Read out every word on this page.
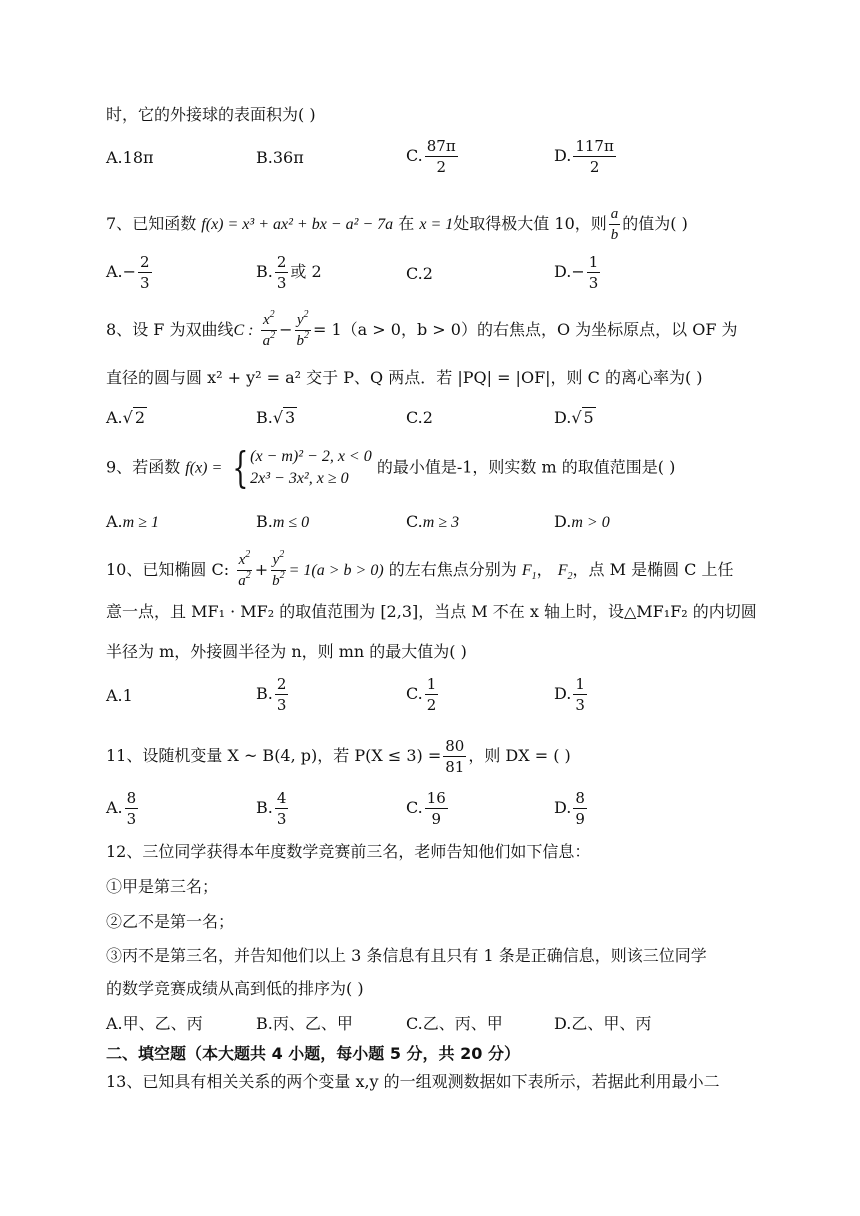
时，它的外接球的表面积为( )
A.18π	B.36π	C. $\frac{87\pi}{2}$	D. $\frac{117\pi}{2}$
7、已知函数 f(x) = x³ + ax² + bx − a² − 7a 在 x = 1处取得极大值 10，则 $\frac{a}{b}$ 的值为( )
$A.- \frac{2}{3}$	B. $\frac{2}{3}$ 或 2	C.2	$D.- \frac{1}{3}$
8、设 F 为双曲线C : $\frac{x^2}{a^2} - \frac{y^2}{b^2} = 1(a > 0$，b > 0）的右焦点，O 为坐标原点，以 OF 为
直径的圆与圆 x² + y² = a² 交于 P、Q 两点．若 |PQ| = |OF|，则 C 的离心率为( )
A.√ 2	B.√ 3	C.2	D.√ 5
9、若函数 f(x) = { (x − m)² − 2, x < 0
2x³ − 3x², x ≥ 0
的最小值是-1，则实数 m 的取值范围是( )
A.m ≥ 1	B.m ≤ 0	C.m ≥ 3	D.m > 0
10、已知椭圆 C: $\frac{x^2}{a^2} + \frac{y^2}{b^2} = 1(a > b > 0)$ 的左右焦点分别为 $F_1$， $F_2$，点 M 是椭圆 C 上任
意一点，且 MF₁ · MF₂ 的取值范围为 [2,3]，当点 M 不在 x 轴上时，设△MF₁F₂ 的内切圆
半径为 m，外接圆半径为 n，则 mn 的最大值为( )
A.1	B. $\frac{2}{3}$	C. $\frac{1}{2}$	D. $\frac{1}{3}$
11、设随机变量 X ~ B(4, p)，若 $P(X \le 3) = \frac{80}{81}$ ，则 DX = ( )
A. $\frac{8}{3}$	B. $\frac{4}{3}$	C. $\frac{16}{9}$	D. $\frac{8}{9}$
12、三位同学获得本年度数学竞赛前三名，老师告知他们如下信息：
①甲是第三名；
②乙不是第一名；
③丙不是第三名，并告知他们以上 3 条信息有且只有 1 条是正确信息，则该三位同学
的数学竞赛成绩从高到低的排序为( )
A.甲、乙、丙	B.丙、乙、甲	C.乙、丙、甲	D.乙、甲、丙
二、填空题（本大题共 4 小题，每小题 5 分，共 20 分）
13、已知具有相关关系的两个变量 x,y 的一组观测数据如下表所示，若据此利用最小二
